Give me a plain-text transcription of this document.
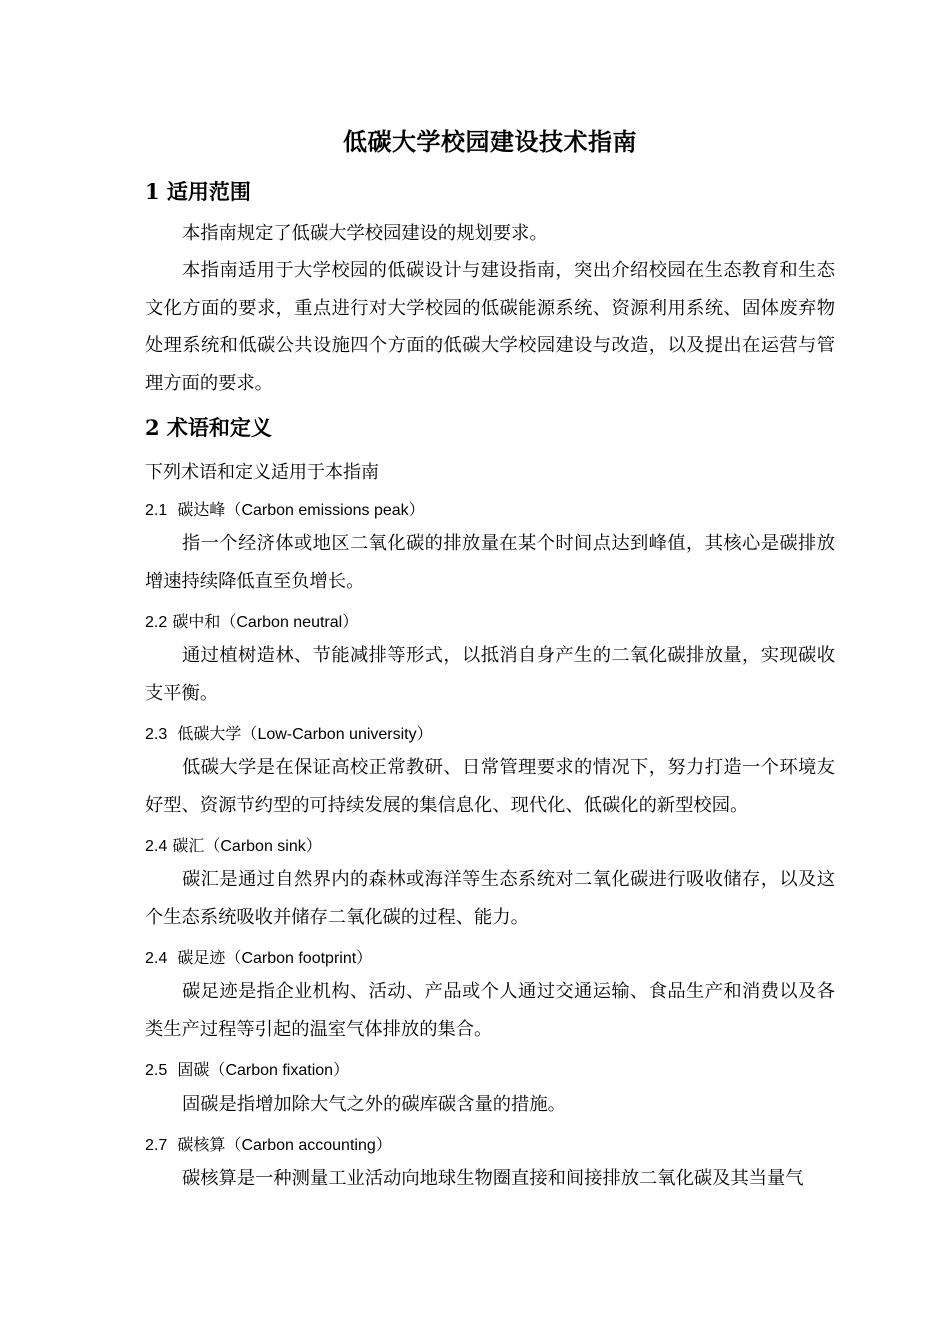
低碳大学校园建设技术指南
1 适用范围
本指南规定了低碳大学校园建设的规划要求。
本指南适用于大学校园的低碳设计与建设指南，突出介绍校园在生态教育和生态文化方面的要求，重点进行对大学校园的低碳能源系统、资源利用系统、固体废弃物处理系统和低碳公共设施四个方面的低碳大学校园建设与改造，以及提出在运营与管理方面的要求。
2 术语和定义
下列术语和定义适用于本指南
2.1 碳达峰（Carbon emissions peak）
指一个经济体或地区二氧化碳的排放量在某个时间点达到峰值，其核心是碳排放增速持续降低直至负增长。
2.2 碳中和（Carbon neutral）
通过植树造林、节能减排等形式，以抵消自身产生的二氧化碳排放量，实现碳收支平衡。
2.3 低碳大学（Low-Carbon university）
低碳大学是在保证高校正常教研、日常管理要求的情况下，努力打造一个环境友好型、资源节约型的可持续发展的集信息化、现代化、低碳化的新型校园。
2.4 碳汇（Carbon sink）
碳汇是通过自然界内的森林或海洋等生态系统对二氧化碳进行吸收储存，以及这个生态系统吸收并储存二氧化碳的过程、能力。
2.4 碳足迹（Carbon footprint）
碳足迹是指企业机构、活动、产品或个人通过交通运输、食品生产和消费以及各类生产过程等引起的温室气体排放的集合。
2.5 固碳（Carbon fixation）
固碳是指增加除大气之外的碳库碳含量的措施。
2.7 碳核算（Carbon accounting）
碳核算是一种测量工业活动向地球生物圈直接和间接排放二氧化碳及其当量气
